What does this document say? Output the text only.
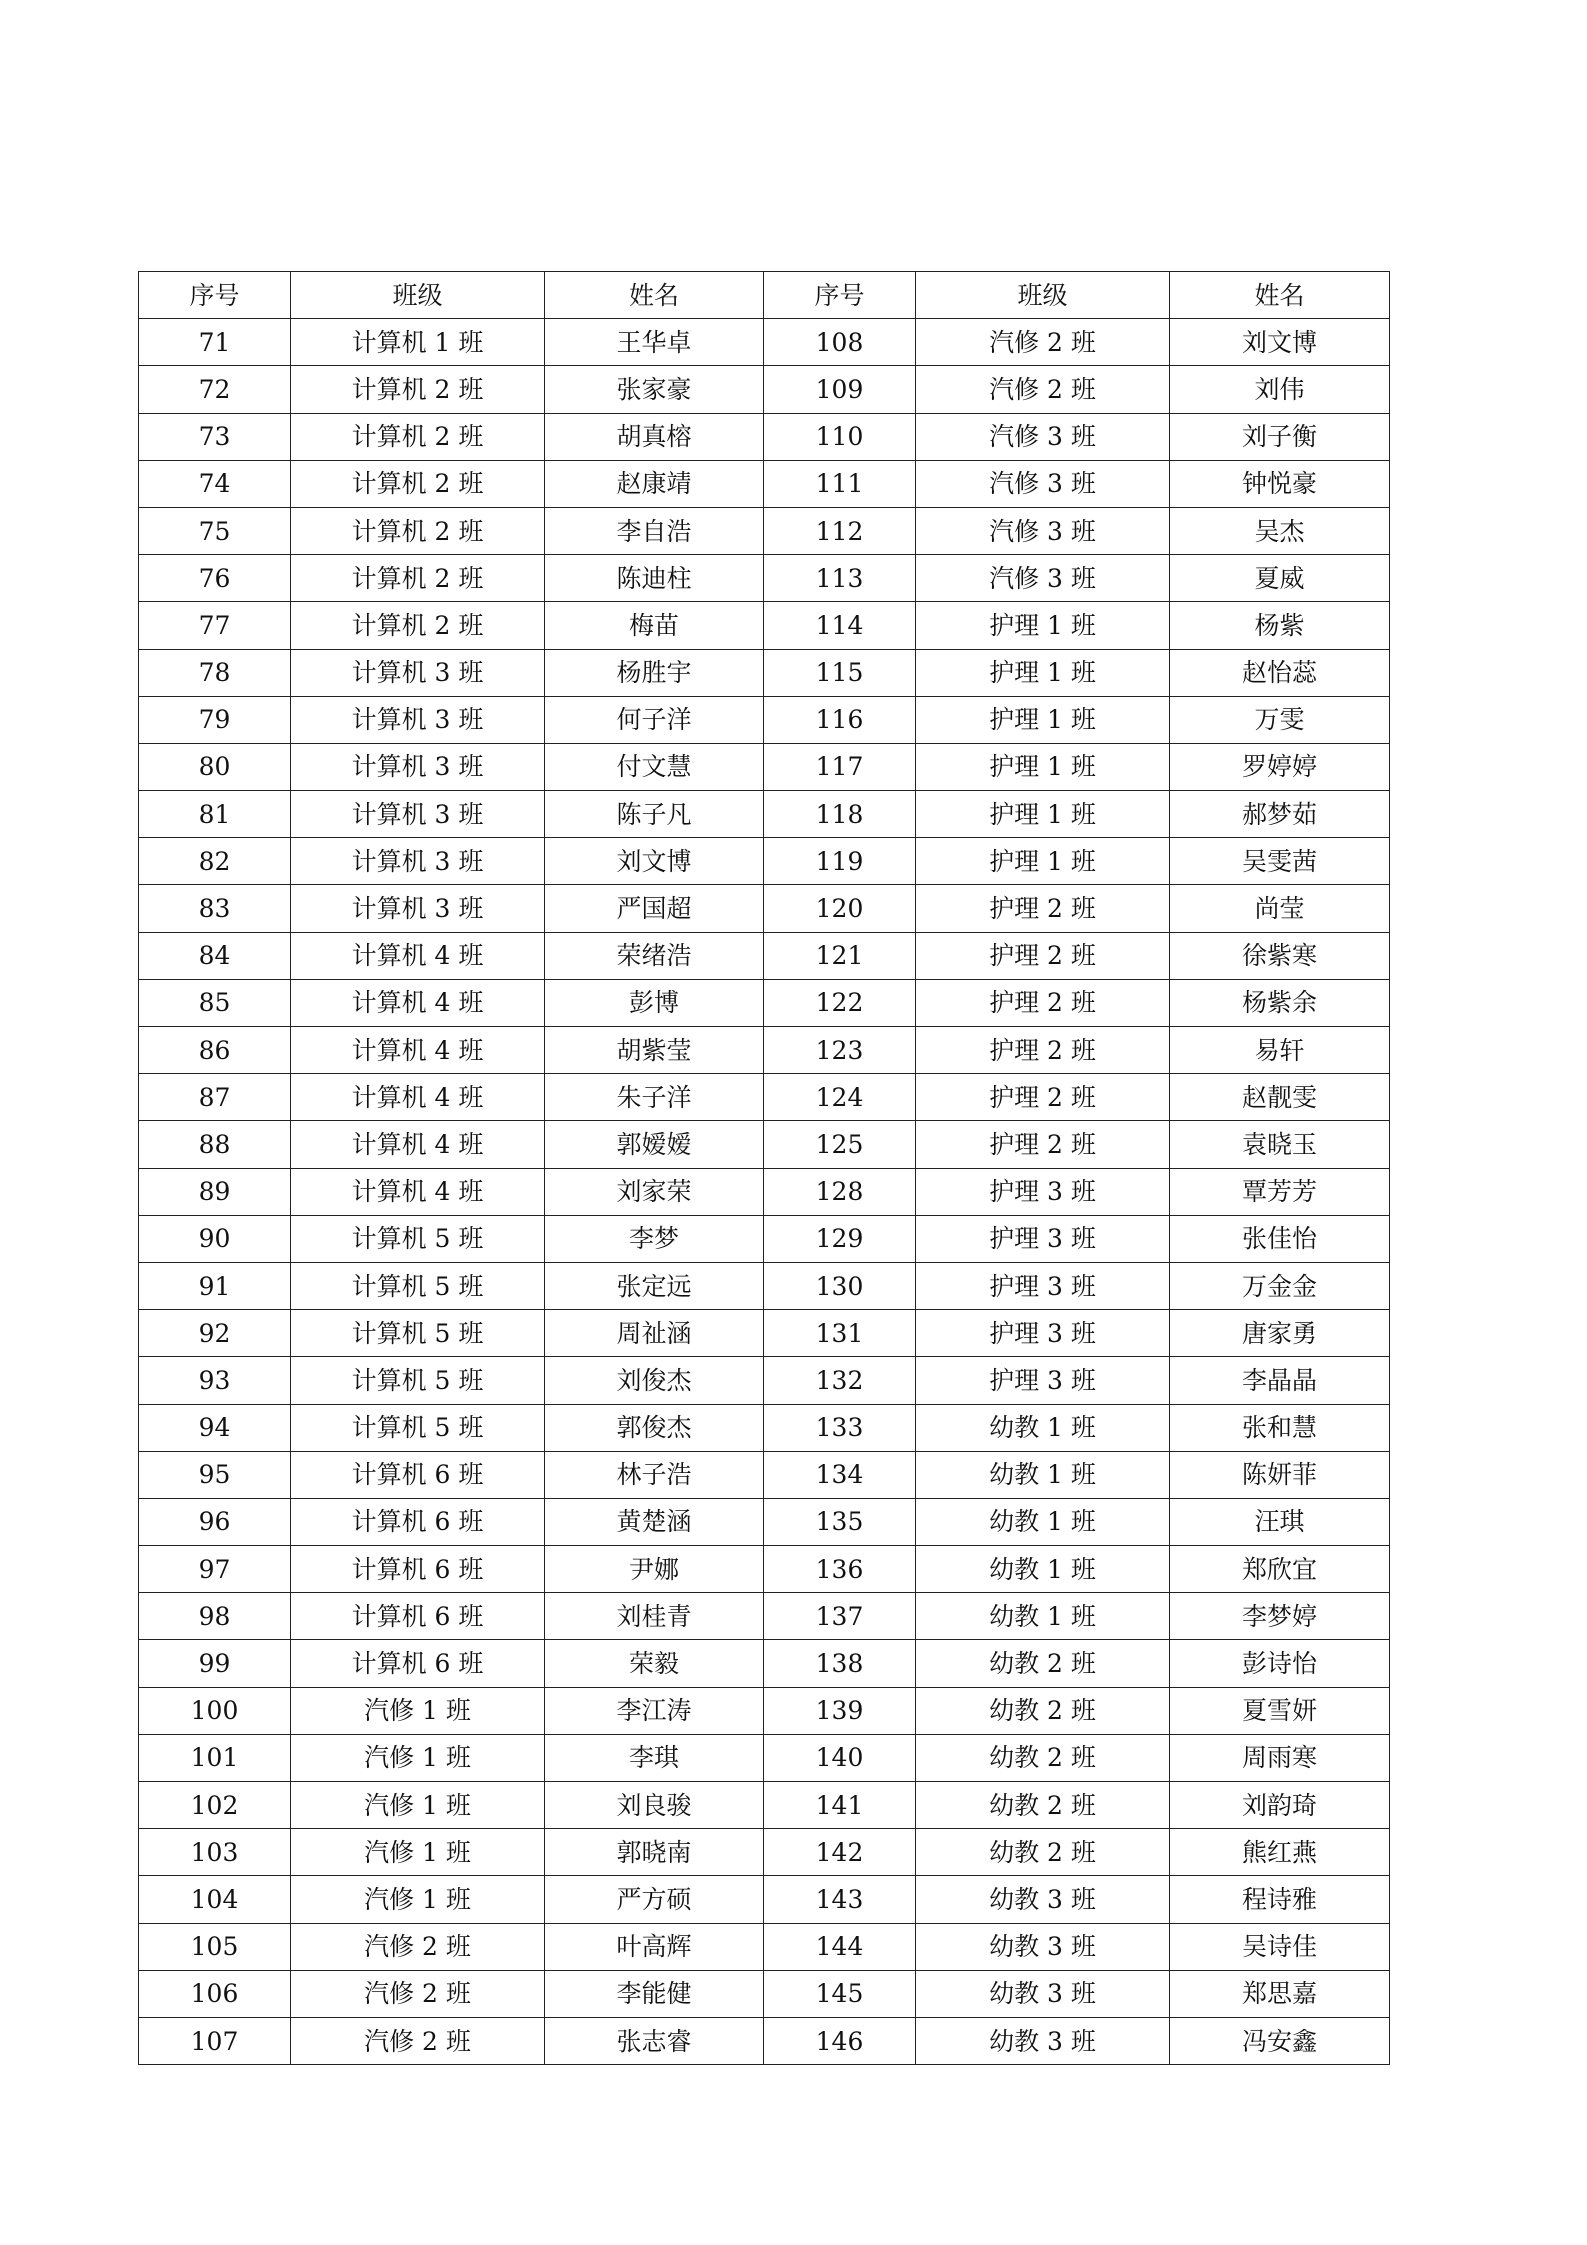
序号	班级	姓名	序号	班级	姓名
71	计算机 1 班	王华卓	108	汽修 2 班	刘文博
72	计算机 2 班	张家豪	109	汽修 2 班	刘伟
73	计算机 2 班	胡真榕	110	汽修 3 班	刘子衡
74	计算机 2 班	赵康靖	111	汽修 3 班	钟悦豪
75	计算机 2 班	李自浩	112	汽修 3 班	吴杰
76	计算机 2 班	陈迪柱	113	汽修 3 班	夏威
77	计算机 2 班	梅苗	114	护理 1 班	杨紫
78	计算机 3 班	杨胜宇	115	护理 1 班	赵怡蕊
79	计算机 3 班	何子洋	116	护理 1 班	万雯
80	计算机 3 班	付文慧	117	护理 1 班	罗婷婷
81	计算机 3 班	陈子凡	118	护理 1 班	郝梦茹
82	计算机 3 班	刘文博	119	护理 1 班	吴雯茜
83	计算机 3 班	严国超	120	护理 2 班	尚莹
84	计算机 4 班	荣绪浩	121	护理 2 班	徐紫寒
85	计算机 4 班	彭博	122	护理 2 班	杨紫余
86	计算机 4 班	胡紫莹	123	护理 2 班	易轩
87	计算机 4 班	朱子洋	124	护理 2 班	赵靓雯
88	计算机 4 班	郭嫒嫒	125	护理 2 班	袁晓玉
89	计算机 4 班	刘家荣	128	护理 3 班	覃芳芳
90	计算机 5 班	李梦	129	护理 3 班	张佳怡
91	计算机 5 班	张定远	130	护理 3 班	万金金
92	计算机 5 班	周祉涵	131	护理 3 班	唐家勇
93	计算机 5 班	刘俊杰	132	护理 3 班	李晶晶
94	计算机 5 班	郭俊杰	133	幼教 1 班	张和慧
95	计算机 6 班	林子浩	134	幼教 1 班	陈妍菲
96	计算机 6 班	黄楚涵	135	幼教 1 班	汪琪
97	计算机 6 班	尹娜	136	幼教 1 班	郑欣宜
98	计算机 6 班	刘桂青	137	幼教 1 班	李梦婷
99	计算机 6 班	荣毅	138	幼教 2 班	彭诗怡
100	汽修 1 班	李江涛	139	幼教 2 班	夏雪妍
101	汽修 1 班	李琪	140	幼教 2 班	周雨寒
102	汽修 1 班	刘良骏	141	幼教 2 班	刘韵琦
103	汽修 1 班	郭晓南	142	幼教 2 班	熊红燕
104	汽修 1 班	严方硕	143	幼教 3 班	程诗雅
105	汽修 2 班	叶高辉	144	幼教 3 班	吴诗佳
106	汽修 2 班	李能健	145	幼教 3 班	郑思嘉
107	汽修 2 班	张志睿	146	幼教 3 班	冯安鑫
